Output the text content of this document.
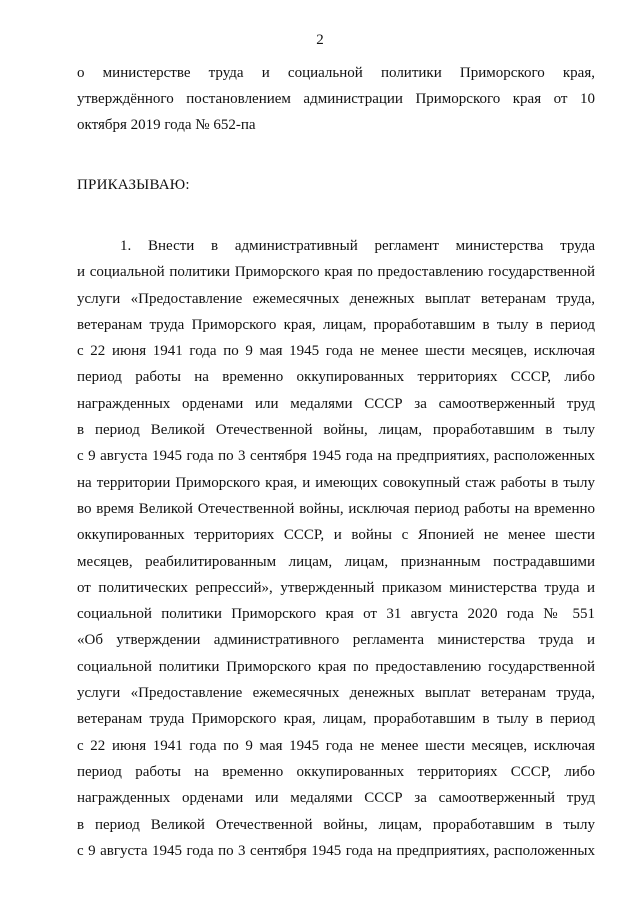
2
о министерстве труда и социальной политики Приморского края,
утверждённого постановлением администрации Приморского края от 10
октября 2019 года № 652-па
ПРИКАЗЫВАЮ:
1. Внести в административный регламент министерства труда
и социальной политики Приморского края по предоставлению государственной
услуги «Предоставление ежемесячных денежных выплат ветеранам труда,
ветеранам труда Приморского края, лицам, проработавшим в тылу в период
с 22 июня 1941 года по 9 мая 1945 года не менее шести месяцев, исключая
период работы на временно оккупированных территориях СССР, либо
награжденных орденами или медалями СССР за самоотверженный труд
в период Великой Отечественной войны, лицам, проработавшим в тылу
с 9 августа 1945 года по 3 сентября 1945 года на предприятиях, расположенных
на территории Приморского края, и имеющих совокупный стаж работы в тылу
во время Великой Отечественной войны, исключая период работы на временно
оккупированных территориях СССР, и войны с Японией не менее шести
месяцев, реабилитированным лицам, лицам, признанным пострадавшими
от политических репрессий», утвержденный приказом министерства труда и
социальной политики Приморского края от 31 августа 2020 года № 551
«Об утверждении административного регламента министерства труда и
социальной политики Приморского края по предоставлению государственной
услуги «Предоставление ежемесячных денежных выплат ветеранам труда,
ветеранам труда Приморского края, лицам, проработавшим в тылу в период
с 22 июня 1941 года по 9 мая 1945 года не менее шести месяцев, исключая
период работы на временно оккупированных территориях СССР, либо
награжденных орденами или медалями СССР за самоотверженный труд
в период Великой Отечественной войны, лицам, проработавшим в тылу
с 9 августа 1945 года по 3 сентября 1945 года на предприятиях, расположенных
